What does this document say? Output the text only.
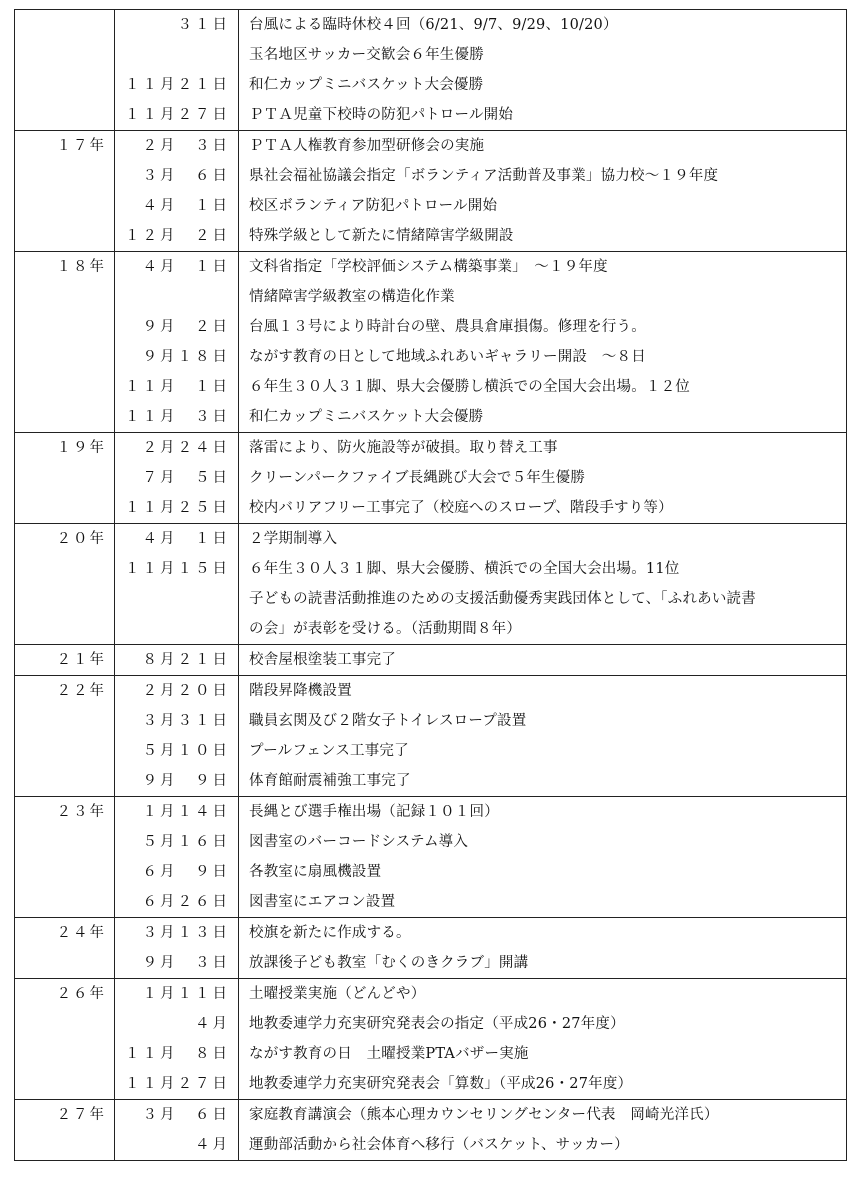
	３１日	台風による臨時休校４回（6/21、9/7、9/29、10/20）
		玉名地区サッカー交歓会６年生優勝
	１１月２１日	和仁カップミニバスケット大会優勝
	１１月２７日	ＰＴＡ児童下校時の防犯パトロール開始
１７年	２月　３日	ＰＴＡ人権教育参加型研修会の実施
	３月　６日	県社会福祉協議会指定「ボランティア活動普及事業」協力校～１９年度
	４月　１日	校区ボランティア防犯パトロール開始
	１２月　２日	特殊学級として新たに情緒障害学級開設
１８年	４月　１日	文科省指定「学校評価システム構築事業」　～１９年度
		情緒障害学級教室の構造化作業
	９月　２日	台風１３号により時計台の壁、農具倉庫損傷。修理を行う。
	９月１８日	ながす教育の日として地域ふれあいギャラリー開設　～８日
	１１月　１日	６年生３０人３１脚、県大会優勝し横浜での全国大会出場。１２位
	１１月　３日	和仁カップミニバスケット大会優勝
１９年	２月２４日	落雷により、防火施設等が破損。取り替え工事
	７月　５日	クリーンパークファイブ長縄跳び大会で５年生優勝
	１１月２５日	校内バリアフリー工事完了（校庭へのスロープ、階段手すり等）
２０年	４月　１日	２学期制導入
	１１月１５日	６年生３０人３１脚、県大会優勝、横浜での全国大会出場。11位
		子どもの読書活動推進のための支援活動優秀実践団体として、「ふれあい読書
		の会」が表彰を受ける。（活動期間８年）
２１年	８月２１日	校舎屋根塗装工事完了
２２年	２月２０日	階段昇降機設置
	３月３１日	職員玄関及び２階女子トイレスロープ設置
	５月１０日	プールフェンス工事完了
	９月　９日	体育館耐震補強工事完了
２３年	１月１４日	長縄とび選手権出場（記録１０１回）
	５月１６日	図書室のバーコードシステム導入
	６月　９日	各教室に扇風機設置
	６月２６日	図書室にエアコン設置
２４年	３月１３日	校旗を新たに作成する。
	９月　３日	放課後子ども教室「むくのきクラブ」開講
２６年	１月１１日	土曜授業実施（どんどや）
	４月　　	地教委連学力充実研究発表会の指定（平成26・27年度）
	１１月　８日	ながす教育の日　土曜授業PTAバザー実施
	１１月２７日	地教委連学力充実研究発表会「算数」（平成26・27年度）
２７年	３月　６日	家庭教育講演会（熊本心理カウンセリングセンター代表　岡崎光洋氏）
	４月	運動部活動から社会体育へ移行（バスケット、サッカー）
